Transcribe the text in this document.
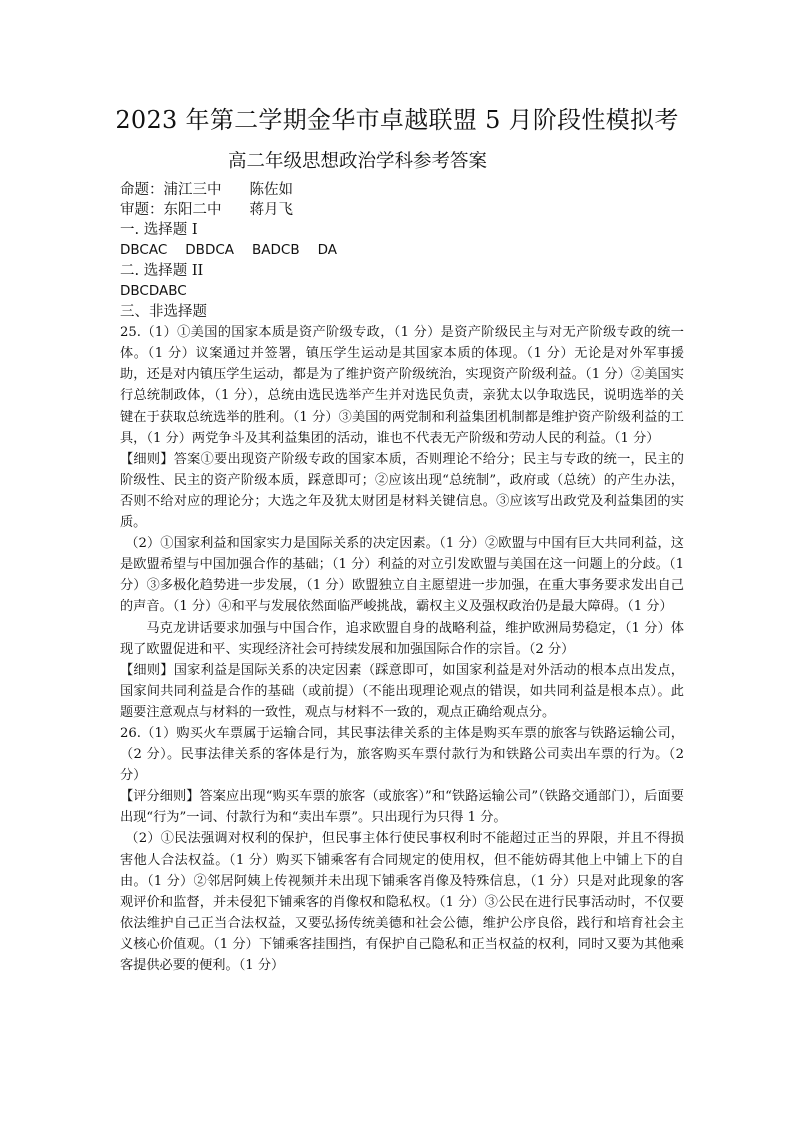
2023 年第二学期金华市卓越联盟 5 月阶段性模拟考
高二年级思想政治学科参考答案

命题：浦江三中 陈佐如

审题：东阳二中 蒋月飞

一. 选择题 I

DBCAC DBDCA BADCB DA

二. 选择题 II

DBCDABC

三、非选择题

25.（1）①美国的国家本质是资产阶级专政，（1 分）是资产阶级民主与对无产阶级专政的统一体。（1 分）议案通过并签署，镇压学生运动是其国家本质的体现。（1 分）无论是对外军事援助，还是对内镇压学生运动，都是为了维护资产阶级统治，实现资产阶级利益。（1 分）②美国实行总统制政体，（1 分），总统由选民选举产生并对选民负责，亲犹太以争取选民，说明选举的关键在于获取总统选举的胜利。（1 分）③美国的两党制和利益集团机制都是维护资产阶级利益的工具，（1 分）两党争斗及其利益集团的活动，谁也不代表无产阶级和劳动人民的利益。（1 分）

【细则】答案①要出现资产阶级专政的国家本质，否则理论不给分；民主与专政的统一，民主的阶级性、民主的资产阶级本质，踩意即可；②应该出现“总统制”，政府或（总统）的产生办法，否则不给对应的理论分；大选之年及犹太财团是材料关键信息。③应该写出政党及利益集团的实质。

（2）①国家利益和国家实力是国际关系的决定因素。（1 分）②欧盟与中国有巨大共同利益，这是欧盟希望与中国加强合作的基础；（1 分）利益的对立引发欧盟与美国在这一问题上的分歧。（1 分）③多极化趋势进一步发展，（1 分）欧盟独立自主愿望进一步加强，在重大事务要求发出自己的声音。（1 分）④和平与发展依然面临严峻挑战，霸权主义及强权政治仍是最大障碍。（1 分）

马克龙讲话要求加强与中国合作，追求欧盟自身的战略利益，维护欧洲局势稳定，（1 分）体现了欧盟促进和平、实现经济社会可持续发展和加强国际合作的宗旨。（2 分）

【细则】国家利益是国际关系的决定因素（踩意即可，如国家利益是对外活动的根本点出发点，国家间共同利益是合作的基础（或前提）（不能出现理论观点的错误，如共同利益是根本点）。此题要注意观点与材料的一致性，观点与材料不一致的，观点正确给观点分。

26.（1）购买火车票属于运输合同，其民事法律关系的主体是购买车票的旅客与铁路运输公司，（2 分）。民事法律关系的客体是行为，旅客购买车票付款行为和铁路公司卖出车票的行为。（2 分）

【评分细则】答案应出现“购买车票的旅客（或旅客）”和“铁路运输公司”（铁路交通部门），后面要出现“行为”一词、付款行为和“卖出车票”。只出现行为只得 1 分。

（2）①民法强调对权利的保护，但民事主体行使民事权利时不能超过正当的界限，并且不得损害他人合法权益。（1 分）购买下铺乘客有合同规定的使用权，但不能妨碍其他上中铺上下的自由。（1 分）②邻居阿姨上传视频并未出现下铺乘客肖像及特殊信息，（1 分）只是对此现象的客观评价和监督，并未侵犯下铺乘客的肖像权和隐私权。（1 分）③公民在进行民事活动时，不仅要依法维护自己正当合法权益，又要弘扬传统美德和社会公德，维护公序良俗，践行和培育社会主义核心价值观。（1 分）下铺乘客挂围挡，有保护自己隐私和正当权益的权利，同时又要为其他乘客提供必要的便利。（1 分）
